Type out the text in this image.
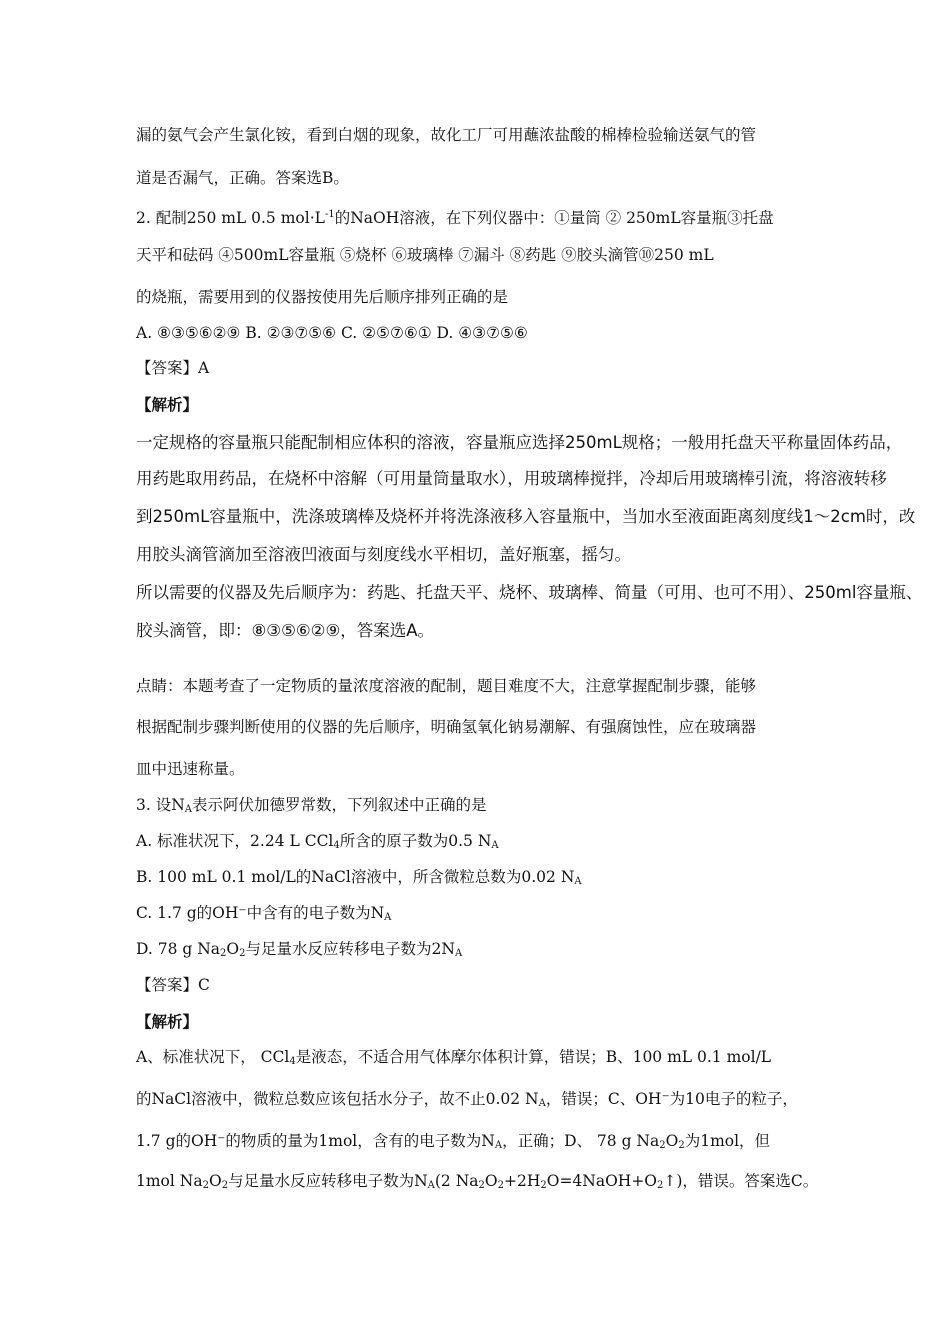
漏的氨气会产生氯化铵，看到白烟的现象，故化工厂可用蘸浓盐酸的棉棒检验输送氨气的管
道是否漏气，正确。答案选B。
2. 配制250 mL 0.5 $mol\cdot L^{-1}$的NaOH溶液，在下列仪器中：①量筒 ② 250mL容量瓶③托盘
天平和砝码 ④500mL容量瓶 ⑤烧杯 ⑥玻璃棒 ⑦漏斗 ⑧药匙 ⑨胶头滴管⑩250 mL
的烧瓶，需要用到的仪器按使用先后顺序排列正确的是
A. ⑧③⑤⑥②⑨ B. ②③⑦⑤⑥ C. ②⑤⑦⑥① D. ④③⑦⑤⑥
【答案】A
【解析】
一定规格的容量瓶只能配制相应体积的溶液，容量瓶应选择250mL规格；一般用托盘天平称量固体药品，
用药匙取用药品，在烧杯中溶解（可用量筒量取水），用玻璃棒搅拌，冷却后用玻璃棒引流，将溶液转移
到250mL容量瓶中，洗涤玻璃棒及烧杯并将洗涤液移入容量瓶中，当加水至液面距离刻度线1～2cm时，改
用胶头滴管滴加至溶液凹液面与刻度线水平相切，盖好瓶塞，摇匀。
所以需要的仪器及先后顺序为：药匙、托盘天平、烧杯、玻璃棒、简量（可用、也可不用）、250ml容量瓶、
胶头滴管，即：⑧③⑤⑥②⑨，答案选A。
点睛：本题考查了一定物质的量浓度溶液的配制，题目难度不大，注意掌握配制步骤，能够
根据配制步骤判断使用的仪器的先后顺序，明确氢氧化钠易潮解、有强腐蚀性，应在玻璃器
皿中迅速称量。
3. 设$N_A$表示阿伏加德罗常数，下列叙述中正确的是
A. 标准状况下，2.24 L CCl$_4$所含的原子数为0.5 $N_A$
B. 100 mL 0.1 mol/L的NaCl溶液中，所含微粒总数为0.02 $N_A$
C. 1.7 g的OH⁻中含有的电子数为$N_A$
D. 78 g $Na_2O_2$与足量水反应转移电子数为$2N_A$
【答案】C
【解析】
A、标准状况下， CCl$_4$是液态，不适合用气体摩尔体积计算，错误；B、100 mL 0.1 mol/L
的NaCl溶液中，微粒总数应该包括水分子，故不止0.02 $N_A$，错误；C、OH⁻为10电子的粒子，
1.7 g的OH⁻的物质的量为1mol，含有的电子数为$N_A$，正确；D、 78 g $Na_2O_2$为1mol，但
1mol $Na_2O_2$与足量水反应转移电子数为$N_A(2$ $Na_2O_2+2H_2O=4NaOH+O_2↑$)，错误。答案选C。
